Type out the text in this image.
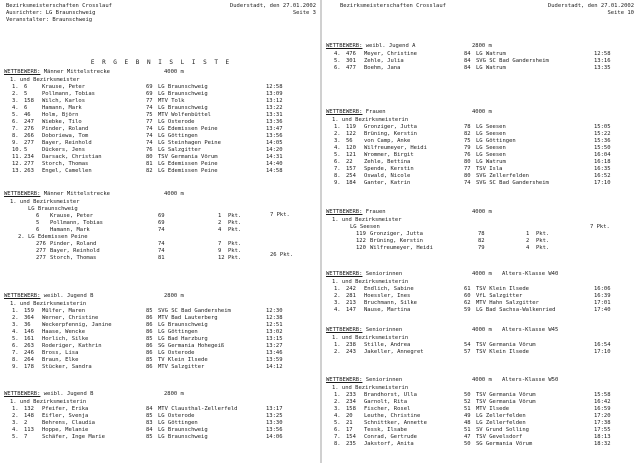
Bezirksmeisterschaften Crosslauf
Ausrichter: LG Braunschweig
Veranstalter: Braunschweig
Duderstadt, den 27.01.2002
Seite 3
E R G E B N I S L I S T E
WETTBEWERB: Männer Mittelstrecke	4000 m
1. und Bezirksmeister
1. 6	Krause, Peter	69 LG Braunschweig	12:58
2. 5	Pollmann, Tobias	69 LG Braunschweig	13:09
3. 158 Wilch, Karlos	77 MTV Tolk	13:12
4. 6	Hamann, Mark	74 LG Braunschweig	13:22
5. 46 Holm, Björn	75 MTV Wolfenbüttel	13:31
6. 247 Wiebke, Tilo	77 LG Osterode	13:36
7. 276 Pinder, Roland	74 LG Edemissen Peine	13:47
8. 266 Doboriewa, Tom	74 LG Göttingen	13:56
9. 277 Bayer, Reinhold	74 LG Steinhagen Peine	14:05
10. 5	Dückers, Jens	76 LG Salzgitter	14:20
11. 234 Darsack, Christian	80 TSV Germania Vörum	14:31
12. 277 Storch, Thomas	81 LG Edemissen Peine	14:40
13. 263 Engel, Camellen	82 LG Edemissen Peine	14:58
WETTBEWERB: Männer Mittelstrecke	4000 m
1. und Bezirksmeister
LG Braunschweig
7 Pkt.
6 Krause, Peter	69	1 Pkt.
5 Pollmann, Tobias	69	2 Pkt.
6 Hamann, Mark	74	4 Pkt.
2. LG Edemissen Peine
26 Pkt.
276 Pinder, Roland	74	7 Pkt.
277 Bayer, Reinhold	74	9 Pkt.
277 Storch, Thomas	81	12 Pkt.
WETTBEWERB: weibl. Jugend B	2800 m
1. und Bezirksmeisterin
1. 159 Mülfer, Maren	85 SVG SC Bad Gandersheim	12:30
2. 364 Werner, Christine	86 MTV Bad Lauterberg	12:38
3. 36 Weckerpfennig, Janine	86 LG Braunschweig	12:51
4. 146 Haase, Wencke	86 LG Göttingen	13:02
5. 161 Horlich, Silke	85 LG Bad Harzburg	13:15
6. 263 Roderiger, Kathrin	86 SG Germania Hohegeiß	13:27
7. 246 Bross, Lisa	86 LG Osterode	13:46
8. 264 Braun, Elke	85 TV Klein Ilsede	13:59
9. 178 Stücker, Sandra	86 MTV Salzgitter	14:12
WETTBEWERB: weibl. Jugend B	2800 m
1. und Bezirksmeisterin
1. 132 Pfeifer, Erika	84 MTV Clausthal-Zellerfeld	13:17
2. 148 Eifler, Svenja	85 LG Osterode	13:25
3. 2	Behrens, Claudia	83 LG Göttingen	13:30
4. 113 Hoppe, Melanie	84 LG Braunschweig	13:56
5. 7	Schäfer, Inge Marie	85 LG Braunschweig	14:06
Bezirksmeisterschaften Crosslauf	Duderstadt, den 27.01.2002
Seite 10
WETTBEWERB: weibl. Jugend A	2800 m
4. 476 Meyer, Christine	84 LG Watrum	12:58
5. 301 Zehle, Julia	84 SVG SC Bad Gandersheim	13:16
6. 477 Boehm, Jana	84 LG Watrum	13:35
WETTBEWERB: Frauen	4000 m
1. und Bezirksmeisterin
1. 119 Gronziger, Jutta	78 LG Seesen	15:05
2. 122 Brüning, Kerstin	82 LG Seesen	15:22
3. 56 von Camp, Anke	75 LG Göttingen	15:36
4. 120 Wilfreumeyer, Heidi	79 LG Seesen	15:50
5. 121 Wrommer, Birgit	76 LG Seesen	16:04
6. 22 Zehle, Bettina	80 LG Watrum	16:18
7. 157 Spende, Kerstin	77 TSV Isla	16:35
8. 254 Oswald, Nicole	80 SVG Zellerfelden	16:52
9. 184 Ganter, Katrin	74 SVG SC Bad Gandersheim	17:10
WETTBEWERB: Frauen	4000 m
1. und Bezirksmeister
LG Seesen	7 Pkt.
119 Gronziger, Jutta	78	1 Pkt.
122 Brüning, Kerstin	82	2 Pkt.
120 Wilfreumeyer, Heidi	79	4 Pkt.
WETTBEWERB: Seniorinnen	4000 m Alters-Klasse W40
1. und Bezirksmeisterin
1. 242 Endlich, Sabine	61 TSV Klein Ilsede	16:06
2. 281 Hoessler, Ines	60 VfL Salzgitter	16:39
3. 213 Bruchmann, Silke	62 MTV Hahn Salzgitter	17:01
4. 147 Nause, Martina	59 LG Bad Sachsa-Walkenried	17:40
WETTBEWERB: Seniorinnen	4000 m Alters-Klasse W45
1. und Bezirksmeisterin
1. 238 Stille, Andrea	54 TSV Germania Vörum	16:54
2. 243 Jakeller, Annegret	57 TSV Klein Ilsede	17:10
WETTBEWERB: Seniorinnen	4000 m Alters-Klasse W50
1. und Bezirksmeisterin
1. 233 Brandhorst, Ulla	50 TSV Germania Vörum	15:58
2. 234 Garnolt, Rita	52 TSV Germania Vörum	16:42
3. 158 Fischer, Rosel	51 MTV Ilsede	16:59
4. 20 Leuthe, Christine	49 LG Zellerfelden	17:20
5. 21 Schnittker, Annette	48 LG Zellerfelden	17:38
6. 17 Tessk, Ilsabe	51 SV Grund Solling	17:55
7. 154 Conrad, Gertrude	47 TSV Gevelsdorf	18:13
8. 235 Jakstorf, Anita	50 SG Germania Vörum	18:32
